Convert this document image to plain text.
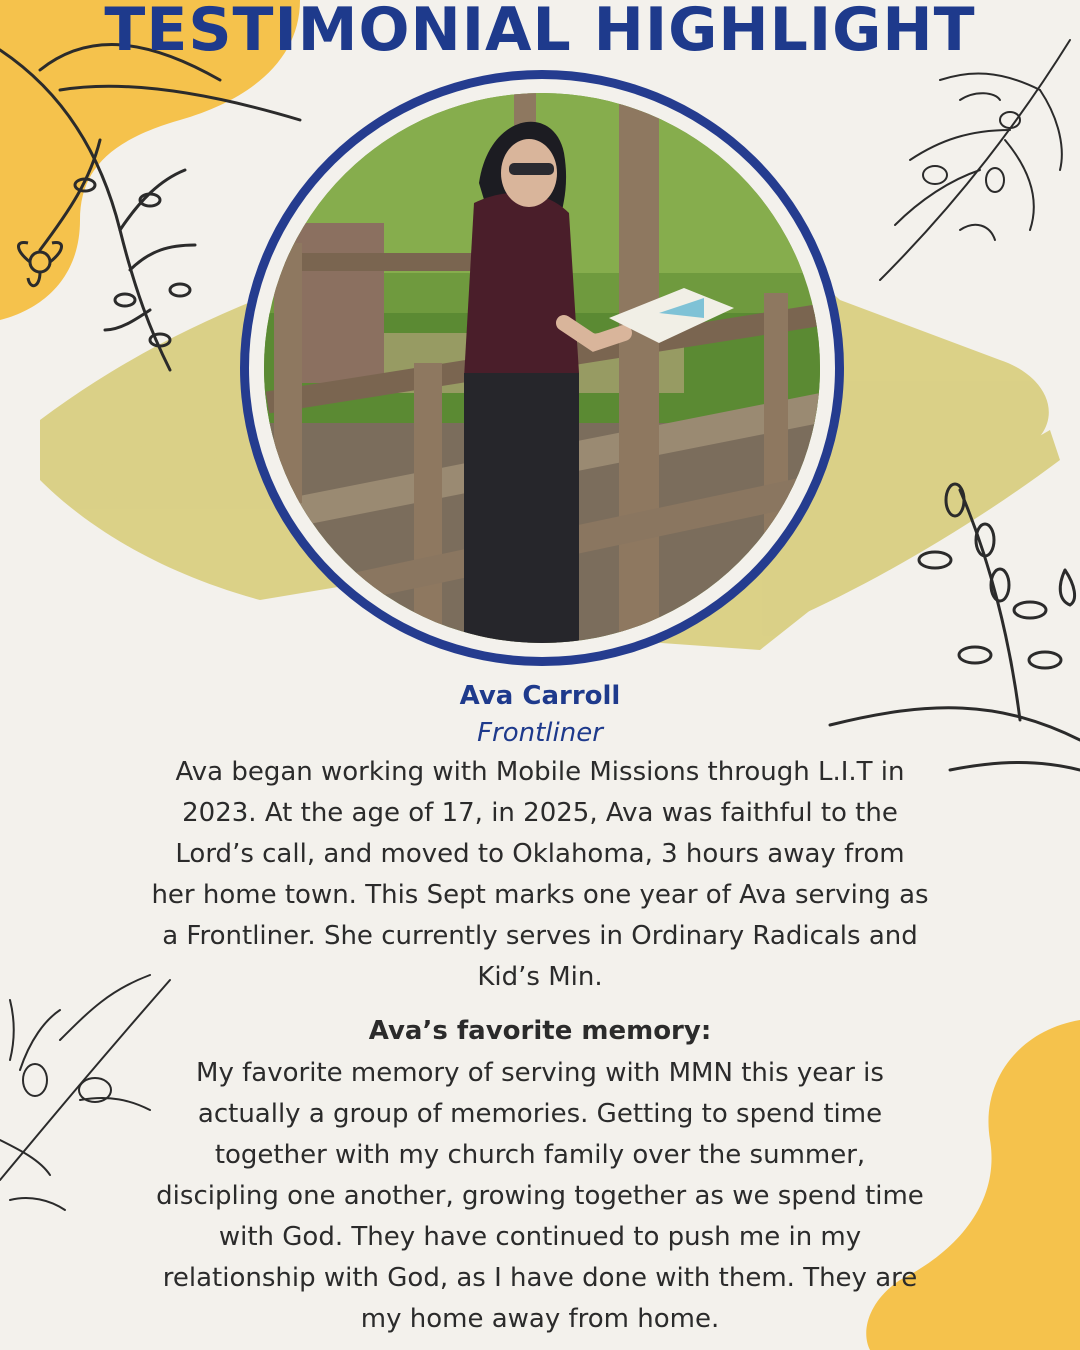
TESTIMONIAL HIGHLIGHT
Ava Carroll
Frontliner

Ava began working with Mobile Missions through L.I.T in 2023. At the age of 17, in 2025, Ava was faithful to the Lord’s call, and moved to Oklahoma, 3 hours away from her home town. This Sept marks one year of Ava serving as a Frontliner. She currently serves in Ordinary Radicals and Kid’s Min.

Ava’s favorite memory:

My favorite memory of serving with MMN this year is actually a group of memories. Getting to spend time together with my church family over the summer, discipling one another, growing together as we spend time with God. They have continued to push me in my relationship with God, as I have done with them. They are my home away from home.
